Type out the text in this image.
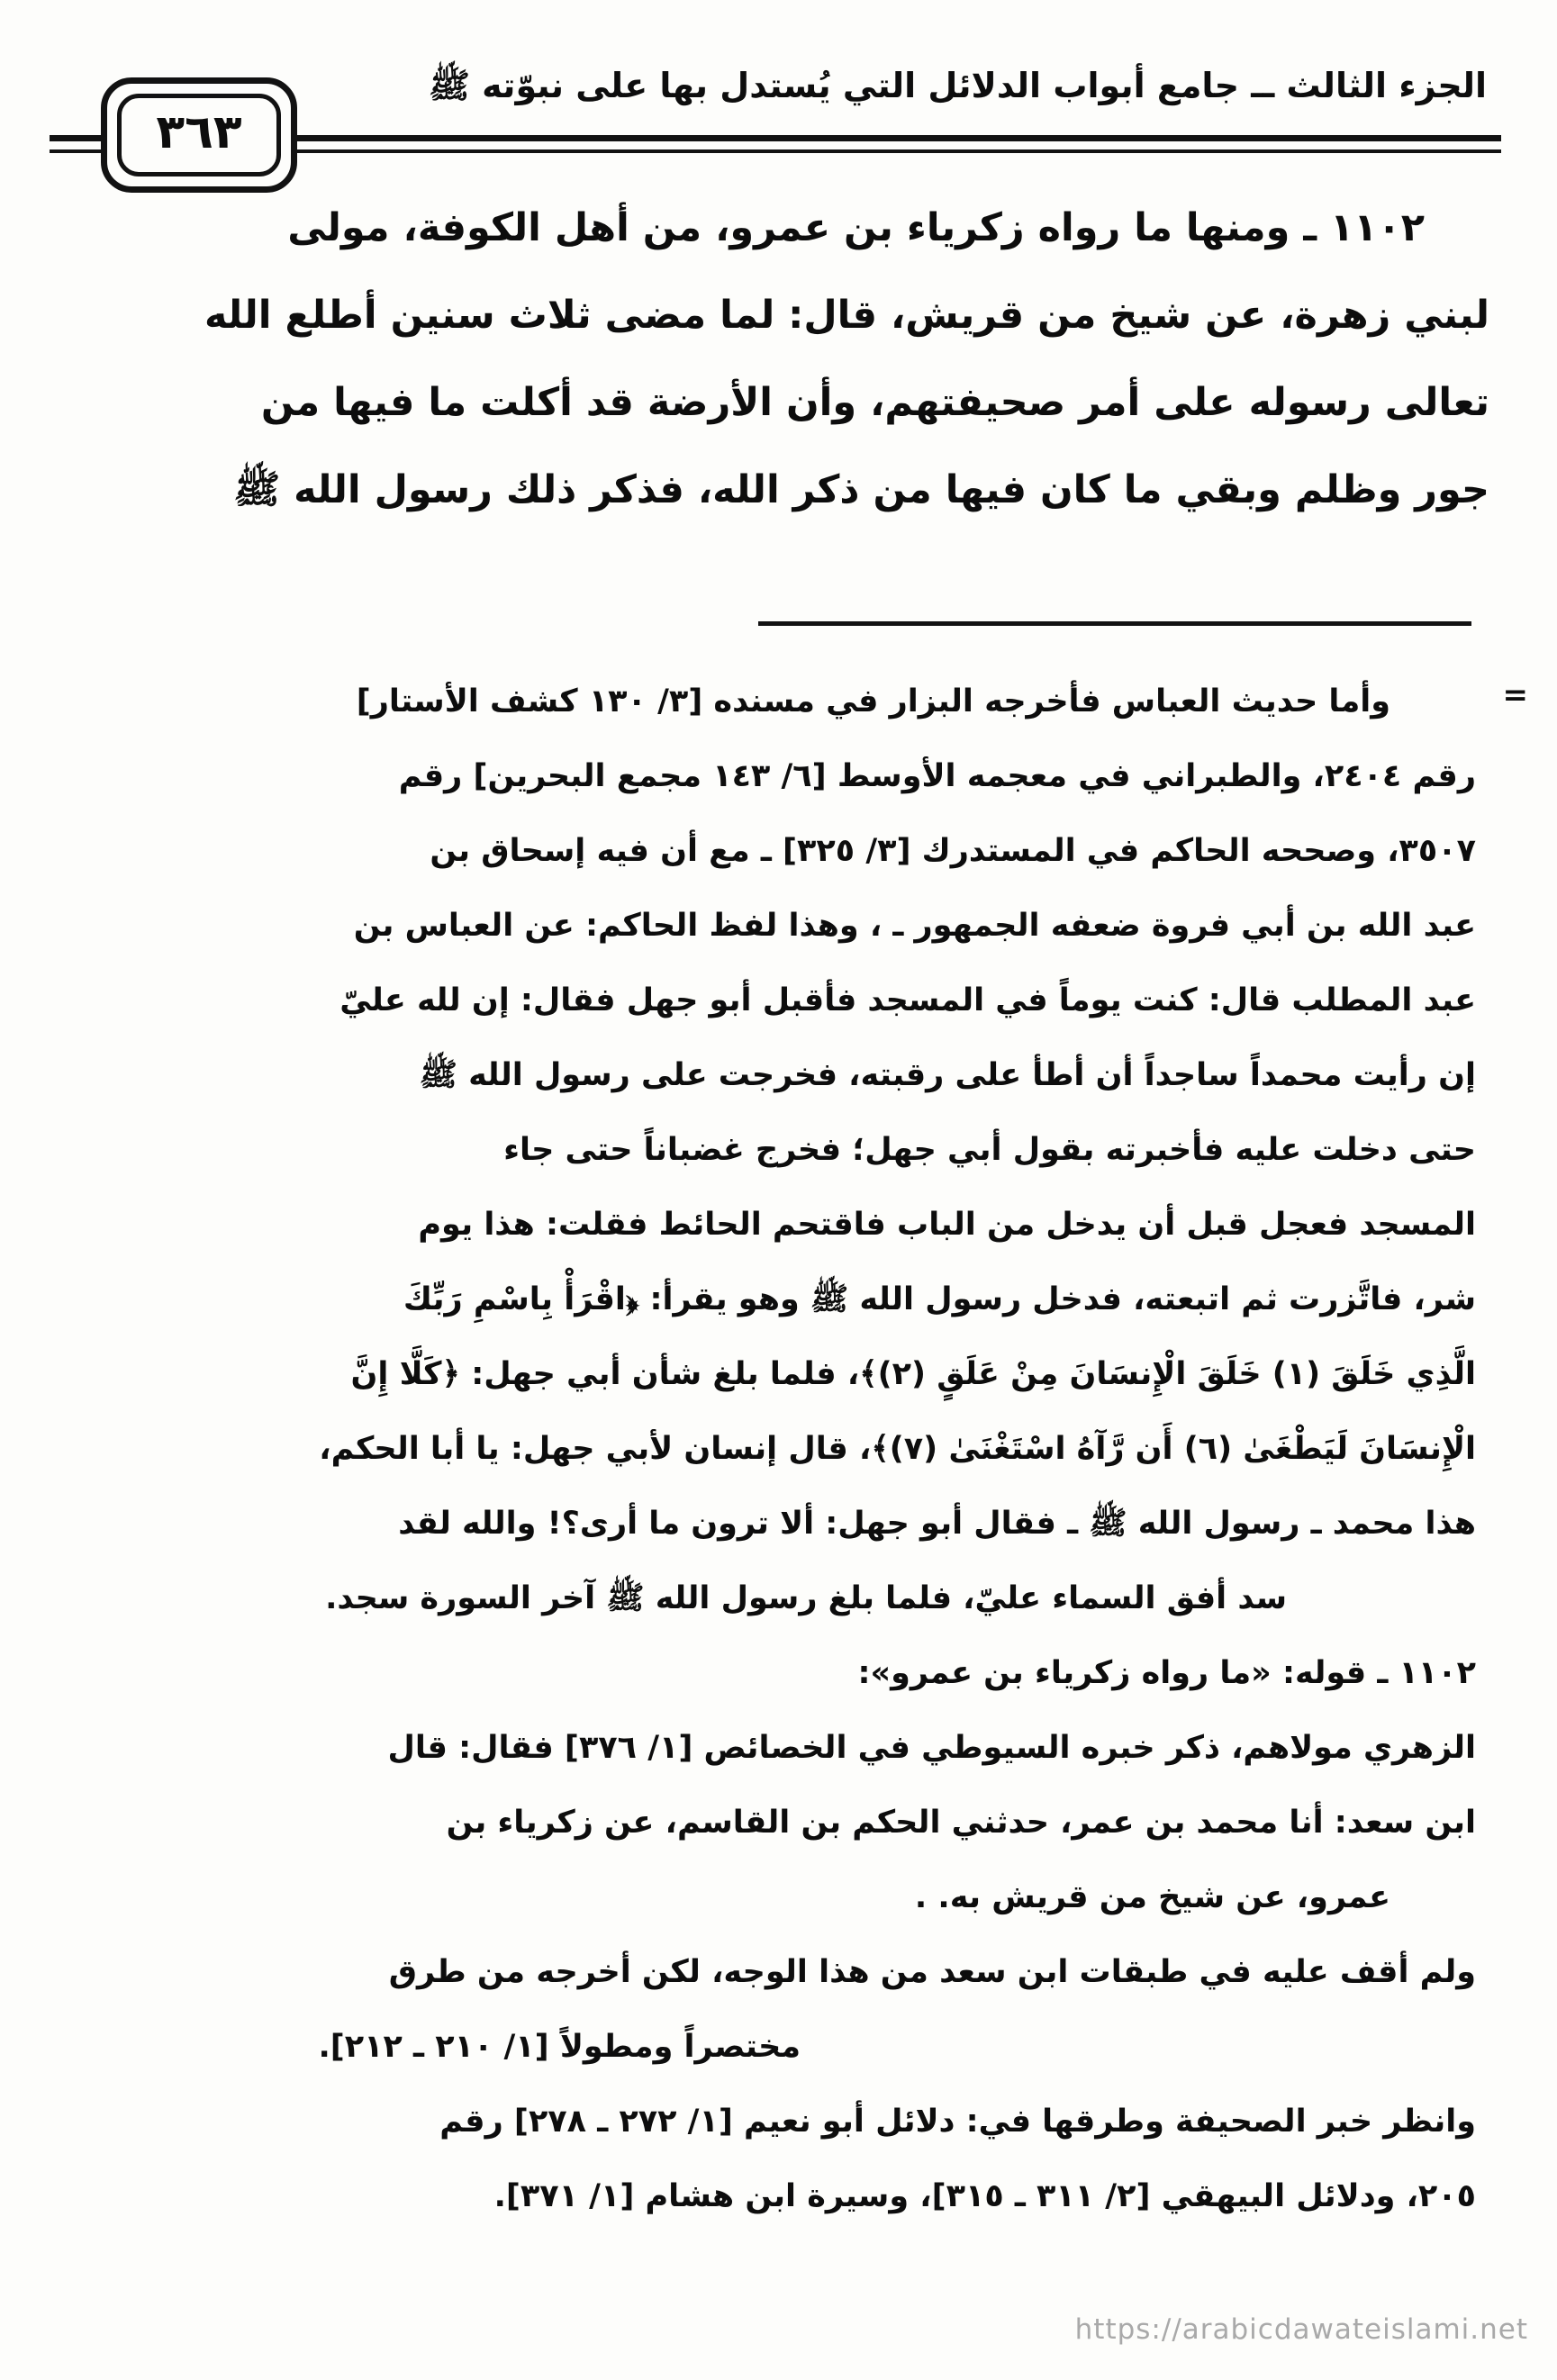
الجزء الثالث ــ جامع أبواب الدلائل التي يُستدل بها على نبوّته ﷺ
٣٦٣
١١٠٢ ـ ومنها ما رواه زكرياء بن عمرو، من أهل الكوفة، مولى
لبني زهرة، عن شيخ من قريش، قال: لما مضى ثلاث سنين أطلع الله
تعالى رسوله على أمر صحيفتهم، وأن الأرضة قد أكلت ما فيها من
جور وظلم وبقي ما كان فيها من ذكر الله، فذكر ذلك رسول الله ﷺ
=
وأما حديث العباس فأخرجه البزار في مسنده [٣/ ١٣٠ كشف الأستار]
رقم ٢٤٠٤، والطبراني في معجمه الأوسط [٦/ ١٤٣ مجمع البحرين] رقم
٣٥٠٧، وصححه الحاكم في المستدرك [٣/ ٣٢٥] ـ مع أن فيه إسحاق بن
عبد الله بن أبي فروة ضعفه الجمهور ـ ، وهذا لفظ الحاكم: عن العباس بن
عبد المطلب قال: كنت يوماً في المسجد فأقبل أبو جهل فقال: إن لله عليّ
إن رأيت محمداً ساجداً أن أطأ على رقبته، فخرجت على رسول الله ﷺ
حتى دخلت عليه فأخبرته بقول أبي جهل؛ فخرج غضباناً حتى جاء
المسجد فعجل قبل أن يدخل من الباب فاقتحم الحائط فقلت: هذا يوم
شر، فاتَّزرت ثم اتبعته، فدخل رسول الله ﷺ وهو يقرأ: ﴿اقْرَأْ بِاسْمِ رَبِّكَ
الَّذِي خَلَقَ (١) خَلَقَ الْإِنسَانَ مِنْ عَلَقٍ (٢)﴾، فلما بلغ شأن أبي جهل: ﴿كَلَّا إِنَّ
الْإِنسَانَ لَيَطْغَىٰ (٦) أَن رَّآهُ اسْتَغْنَىٰ (٧)﴾، قال إنسان لأبي جهل: يا أبا الحكم،
هذا محمد ـ رسول الله ﷺ ـ فقال أبو جهل: ألا ترون ما أرى؟! والله لقد
سد أفق السماء عليّ، فلما بلغ رسول الله ﷺ آخر السورة سجد.
١١٠٢ ـ قوله: «ما رواه زكرياء بن عمرو»:
الزهري مولاهم، ذكر خبره السيوطي في الخصائص [١/ ٣٧٦] فقال: قال
ابن سعد: أنا محمد بن عمر، حدثني الحكم بن القاسم، عن زكرياء بن
عمرو، عن شيخ من قريش به. .
ولم أقف عليه في طبقات ابن سعد من هذا الوجه، لكن أخرجه من طرق
مختصراً ومطولاً [١/ ٢١٠ ـ ٢١٢].
وانظر خبر الصحيفة وطرقها في: دلائل أبو نعيم [١/ ٢٧٢ ـ ٢٧٨] رقم
٢٠٥، ودلائل البيهقي [٢/ ٣١١ ـ ٣١٥]، وسيرة ابن هشام [١/ ٣٧١].
https://arabicdawateislami.net
